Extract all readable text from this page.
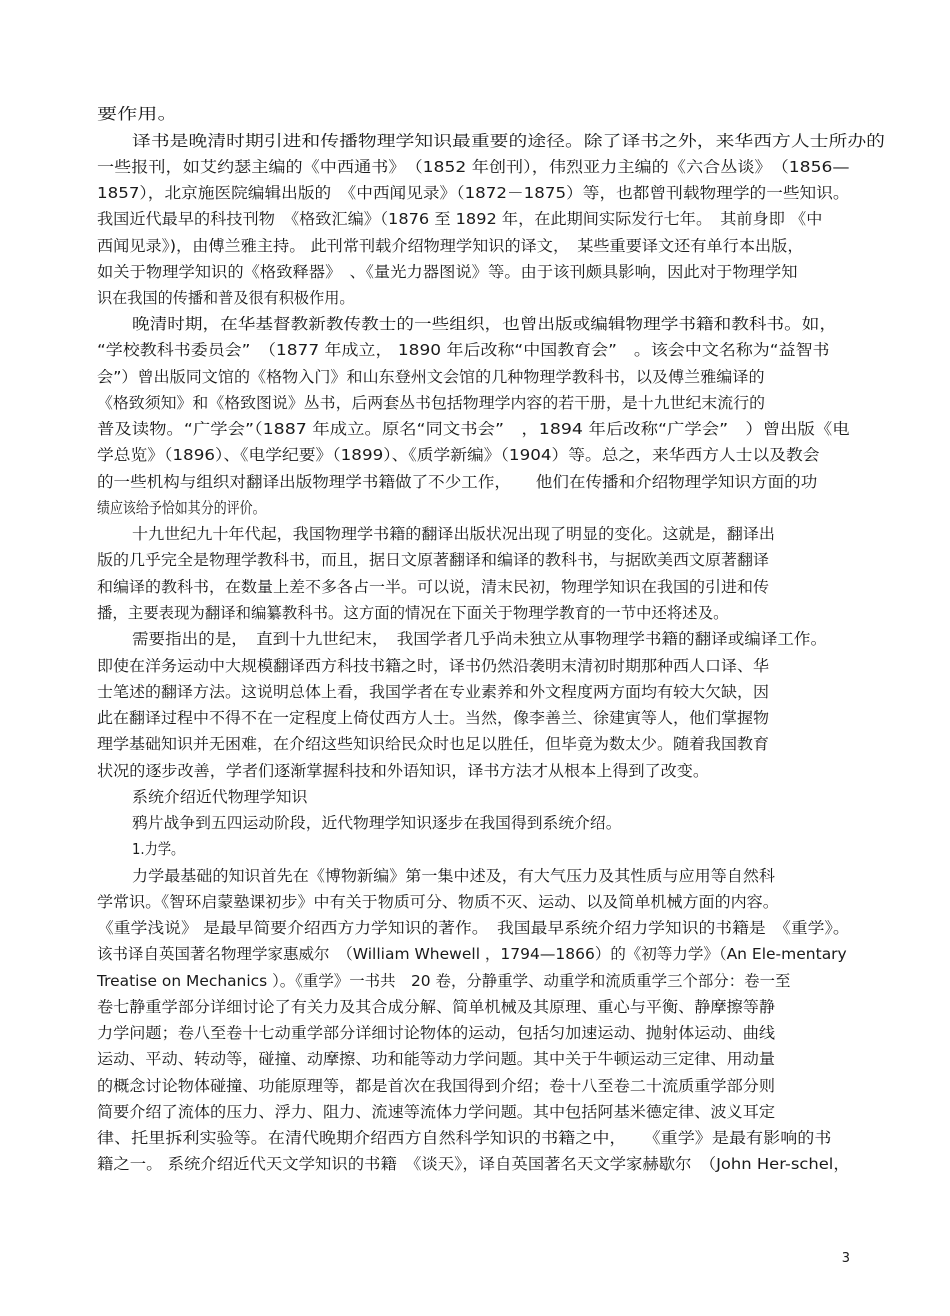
要作用。
译书是晚清时期引进和传播物理学知识最重要的途径。除了译书之外，来华西方人士所办的
一些报刊，如艾约瑟主编的《中西通书》　（1852 年创刊），伟烈亚力主编的《六合丛谈》　（1856—
1857），北京施医院编辑出版的　《中西闻见录》（1872－1875）等，也都曾刊载物理学的一些知识。
我国近代最早的科技刊物　《格致汇编》（1876 至 1892 年，在此期间实际发行七年。　其前身即 《中
西闻见录》)，由傅兰雅主持。 此刊常刊载介绍物理学知识的译文，　某些重要译文还有单行本出版，
如关于物理学知识的《格致释器》　、《量光力器图说》等。由于该刊颇具影响，因此对于物理学知
识在我国的传播和普及很有积极作用。
晚清时期，在华基督教新教传教士的一些组织，也曾出版或编辑物理学书籍和教科书。如，
“学校教科书委员会”　（1877 年成立， 1890 年后改称“中国教育会”　。该会中文名称为“益智书
会”）曾出版同文馆的《格物入门》和山东登州文会馆的几种物理学教科书，以及傅兰雅编译的
《格致须知》和《格致图说》丛书，后两套丛书包括物理学内容的若干册，是十九世纪末流行的
普及读物。“广学会”（1887 年成立。原名“同文书会”　，1894 年后改称“广学会”　）曾出版《电
学总览》（1896）、《电学纪要》（1899）、《质学新编》（1904）等。总之，来华西方人士以及教会
的一些机构与组织对翻译出版物理学书籍做了不少工作，　　他们在传播和介绍物理学知识方面的功
绩应该给予恰如其分的评价。
十九世纪九十年代起，我国物理学书籍的翻译出版状况出现了明显的变化。这就是，翻译出
版的几乎完全是物理学教科书，而且，据日文原著翻译和编译的教科书，与据欧美西文原著翻译
和编译的教科书，在数量上差不多各占一半。可以说，清末民初，物理学知识在我国的引进和传
播，主要表现为翻译和编纂教科书。这方面的情况在下面关于物理学教育的一节中还将述及。
需要指出的是，　直到十九世纪末，　我国学者几乎尚未独立从事物理学书籍的翻译或编译工作。
即使在洋务运动中大规模翻译西方科技书籍之时，译书仍然沿袭明末清初时期那种西人口译、华
士笔述的翻译方法。这说明总体上看，我国学者在专业素养和外文程度两方面均有较大欠缺，因
此在翻译过程中不得不在一定程度上倚仗西方人士。当然，像李善兰、徐建寅等人，他们掌握物
理学基础知识并无困难，在介绍这些知识给民众时也足以胜任，但毕竟为数太少。随着我国教育
状况的逐步改善，学者们逐渐掌握科技和外语知识，译书方法才从根本上得到了改变。
系统介绍近代物理学知识
鸦片战争到五四运动阶段，近代物理学知识逐步在我国得到系统介绍。
1.力学。
力学最基础的知识首先在《博物新编》第一集中述及，有大气压力及其性质与应用等自然科
学常识。《智环启蒙塾课初步》中有关于物质可分、物质不灭、运动、以及简单机械方面的内容。
《重学浅说》 是最早简要介绍西方力学知识的著作。　我国最早系统介绍力学知识的书籍是　《重学》。
该书译自英国著名物理学家惠威尔　（William Whewell ，1794—1866）的《初等力学》（An Ele-mentary
Treatise on Mechanics ）。《重学》一书共　20 卷，分静重学、动重学和流质重学三个部分：卷一至
卷七静重学部分详细讨论了有关力及其合成分解、简单机械及其原理、重心与平衡、静摩擦等静
力学问题；卷八至卷十七动重学部分详细讨论物体的运动，包括匀加速运动、抛射体运动、曲线
运动、平动、转动等，碰撞、动摩擦、功和能等动力学问题。其中关于牛顿运动三定律、用动量
的概念讨论物体碰撞、功能原理等，都是首次在我国得到介绍；卷十八至卷二十流质重学部分则
简要介绍了流体的压力、浮力、阻力、流速等流体力学问题。其中包括阿基米德定律、波义耳定
律、托里拆利实验等。在清代晚期介绍西方自然科学知识的书籍之中，　　《重学》是最有影响的书
籍之一。 系统介绍近代天文学知识的书籍　《谈天》，译自英国著名天文学家赫歇尔　（John Her-schel，
3
